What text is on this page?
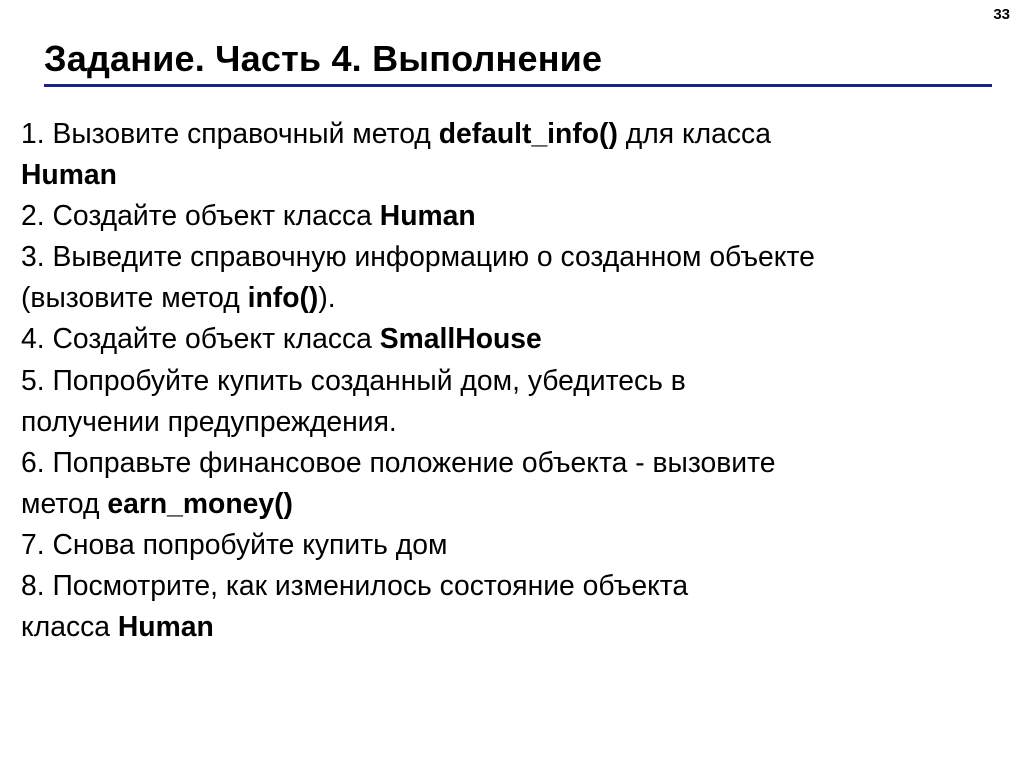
33
Задание. Часть 4. Выполнение
1. Вызовите справочный метод default_info() для класса
Human
2. Создайте объект класса Human
3. Выведите справочную информацию о созданном объекте
(вызовите метод info()).
4. Создайте объект класса SmallHouse
5. Попробуйте купить созданный дом, убедитесь в
получении предупреждения.
6. Поправьте финансовое положение объекта - вызовите
метод earn_money()
7. Снова попробуйте купить дом
8. Посмотрите, как изменилось состояние объекта
класса Human
